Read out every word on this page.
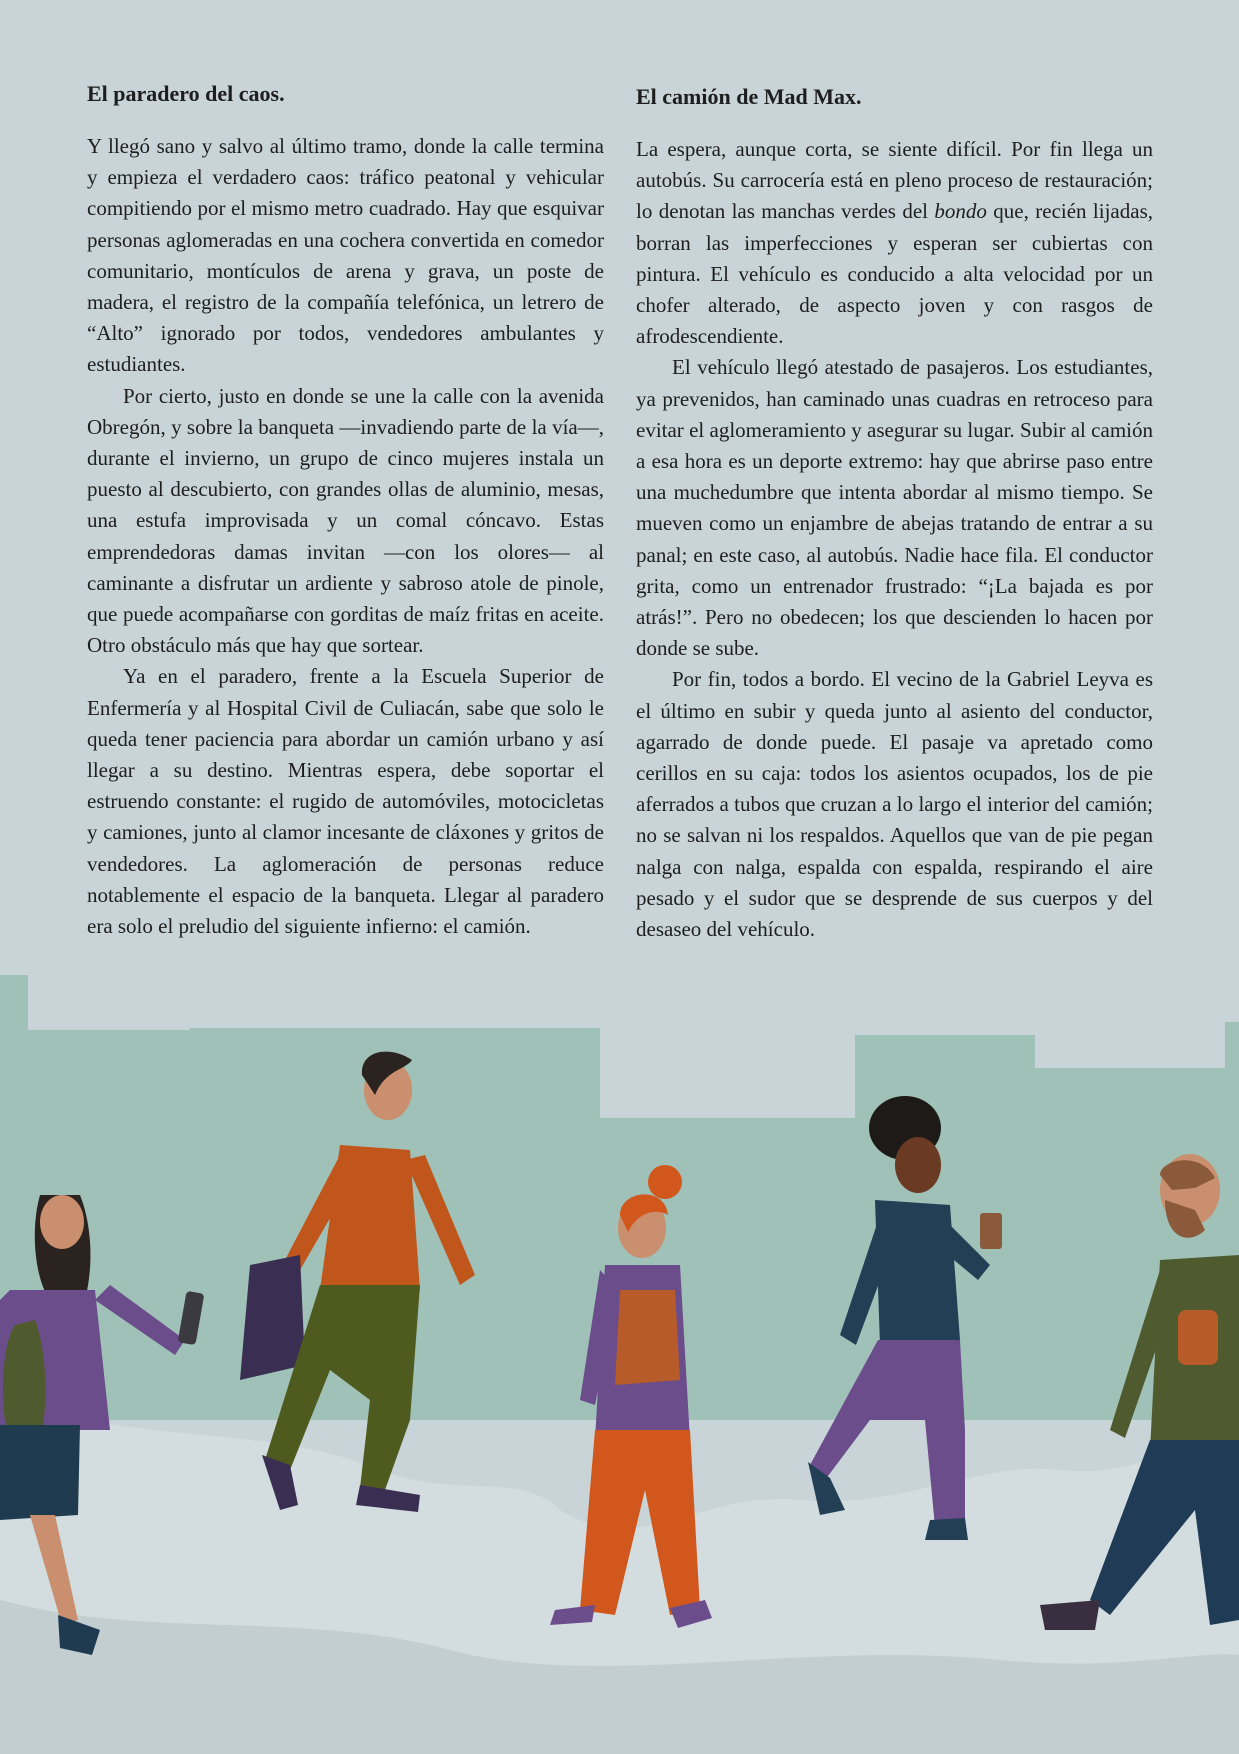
El paradero del caos.

Y llegó sano y salvo al último tramo, donde la calle termina y empieza el verdadero caos: tráfico peatonal y vehicular compitiendo por el mismo metro cuadrado. Hay que esquivar personas aglomeradas en una cochera convertida en comedor comunitario, montículos de arena y grava, un poste de madera, el registro de la compañía telefónica, un letrero de “Alto” ignorado por todos, vendedores ambulantes y estudiantes.

Por cierto, justo en donde se une la calle con la avenida Obregón, y sobre la banqueta —invadiendo parte de la vía—, durante el invierno, un grupo de cinco mujeres instala un puesto al descubierto, con grandes ollas de aluminio, mesas, una estufa improvisada y un comal cóncavo. Estas emprendedoras damas invitan —con los olores— al caminante a disfrutar un ardiente y sabroso atole de pinole, que puede acompañarse con gorditas de maíz fritas en aceite. Otro obstáculo más que hay que sortear.

Ya en el paradero, frente a la Escuela Superior de Enfermería y al Hospital Civil de Culiacán, sabe que solo le queda tener paciencia para abordar un camión urbano y así llegar a su destino. Mientras espera, debe soportar el estruendo constante: el rugido de automóviles, motocicletas y camiones, junto al clamor incesante de cláxones y gritos de vendedores. La aglomeración de personas reduce notablemente el espacio de la banqueta. Llegar al paradero era solo el preludio del siguiente infierno: el camión.

El camión de Mad Max.

La espera, aunque corta, se siente difícil. Por fin llega un autobús. Su carrocería está en pleno proceso de restauración; lo denotan las manchas verdes del bondo que, recién lijadas, borran las imperfecciones y esperan ser cubiertas con pintura. El vehículo es conducido a alta velocidad por un chofer alterado, de aspecto joven y con rasgos de afrodescendiente.

El vehículo llegó atestado de pasajeros. Los estudiantes, ya prevenidos, han caminado unas cuadras en retroceso para evitar el aglomeramiento y asegurar su lugar. Subir al camión a esa hora es un deporte extremo: hay que abrirse paso entre una muchedumbre que intenta abordar al mismo tiempo. Se mueven como un enjambre de abejas tratando de entrar a su panal; en este caso, al autobús. Nadie hace fila. El conductor grita, como un entrenador frustrado: “¡La bajada es por atrás!”. Pero no obedecen; los que descienden lo hacen por donde se sube.

Por fin, todos a bordo. El vecino de la Gabriel Leyva es el último en subir y queda junto al asiento del conductor, agarrado de donde puede. El pasaje va apretado como cerillos en su caja: todos los asientos ocupados, los de pie aferrados a tubos que cruzan a lo largo el interior del camión; no se salvan ni los respaldos. Aquellos que van de pie pegan nalga con nalga, espalda con espalda, respirando el aire pesado y el sudor que se desprende de sus cuerpos y del desaseo del vehículo.
